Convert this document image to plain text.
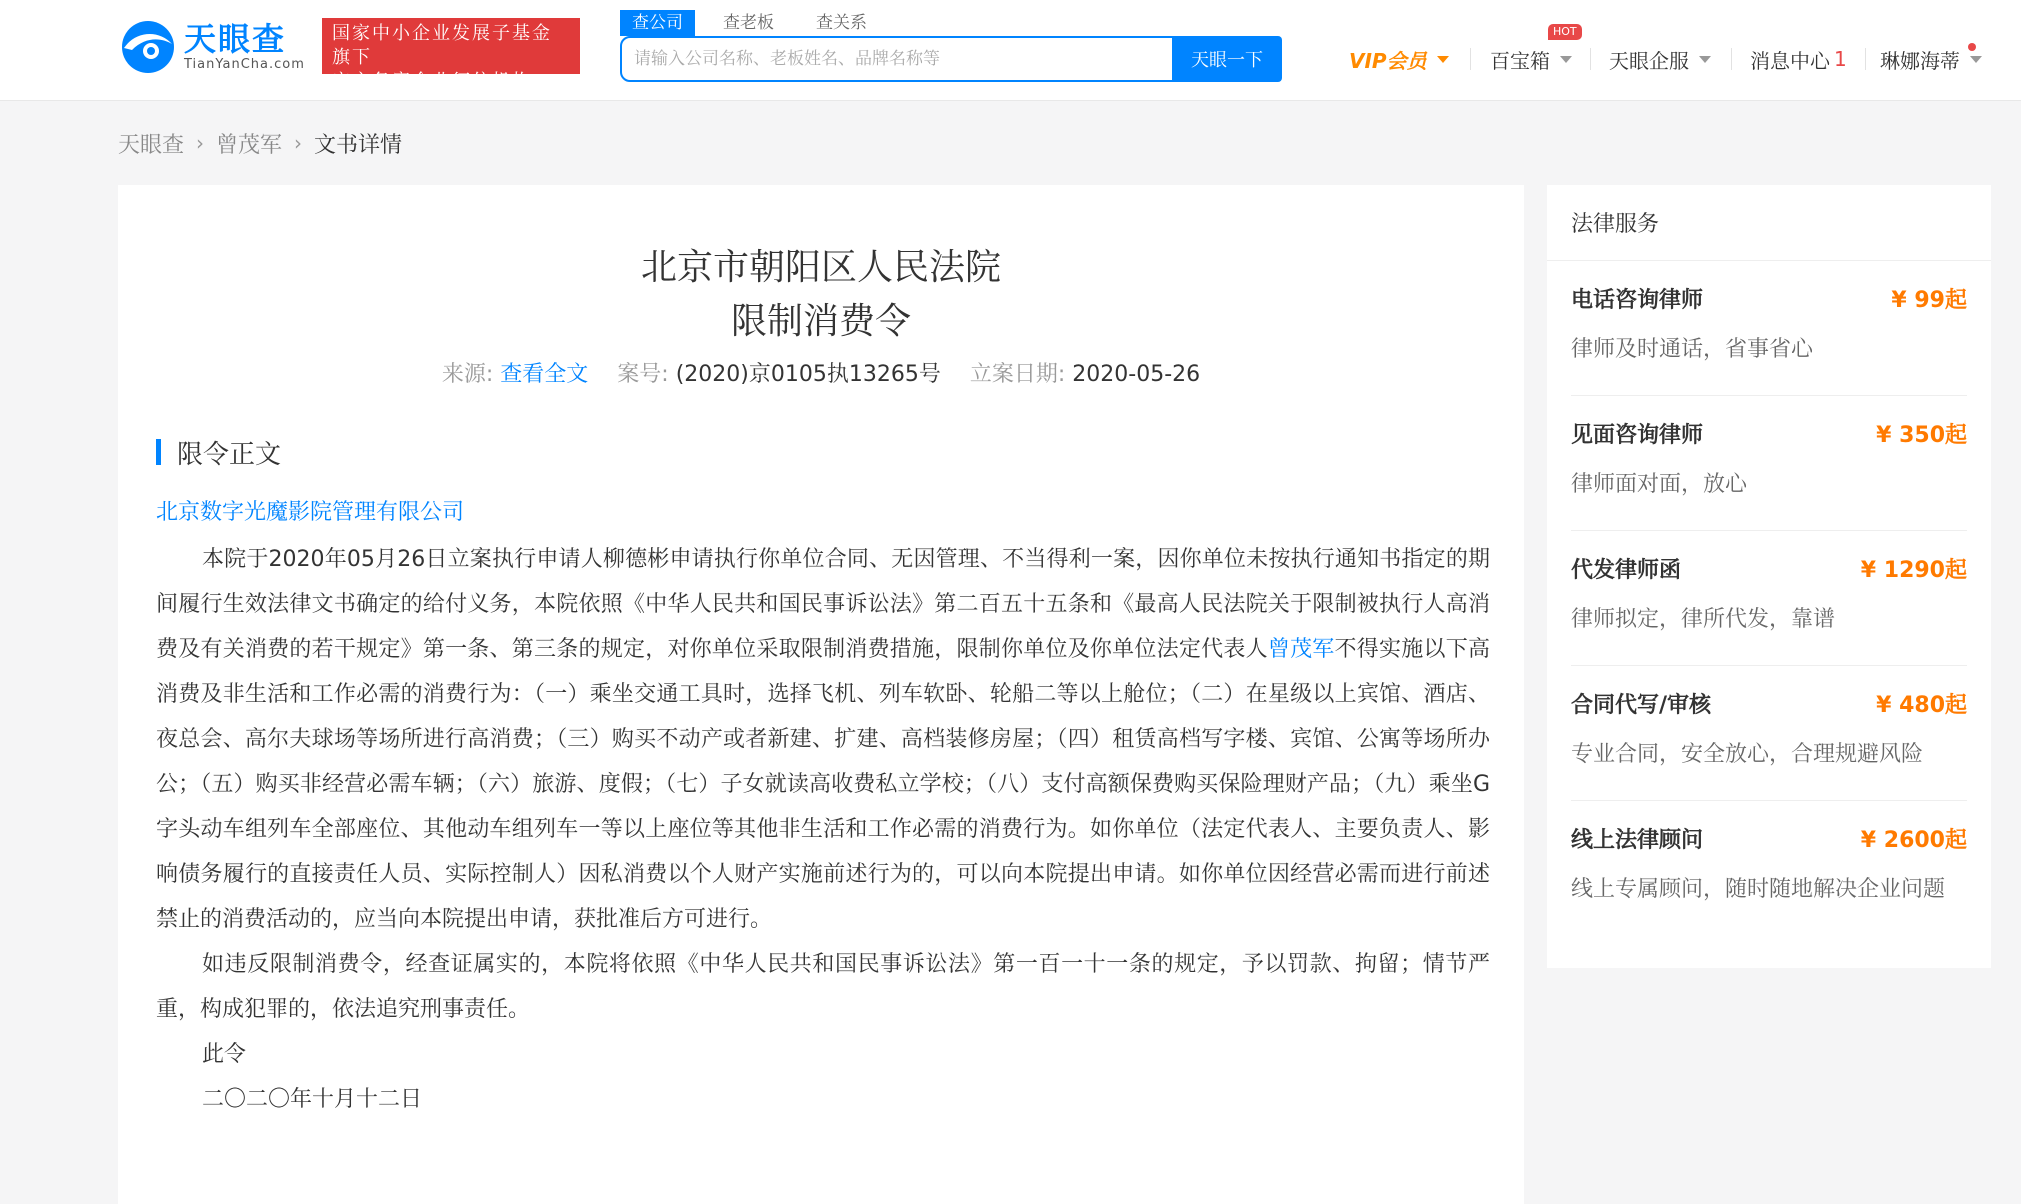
天眼查
TianYanCha.com
国家中小企业发展子基金旗下
官方备案企业征信机构
查公司	查老板	查关系
请输入公司名称、老板姓名、品牌名称等
天眼一下	VIP会员
HOT
百宝箱	天眼企服	消息中心 1 琳娜海蒂
天眼查 › 曾茂军 › 文书详情
北京市朝阳区人民法院
限制消费令
来源: 查看全文 案号: (2020)京0105执13265号 立案日期: 2020-05-26
限令正文
北京数字光魔影院管理有限公司

本院于2020年05月26日立案执行申请人柳德彬申请执行你单位合同、无因管理、不当得利一案，因你单位未按执行通知书指定的期间履行生效法律文书确定的给付义务，本院依照《中华人民共和国民事诉讼法》第二百五十五条和《最高人民法院关于限制被执行人高消费及有关消费的若干规定》第一条、第三条的规定，对你单位采取限制消费措施，限制你单位及你单位法定代表人曾茂军不得实施以下高消费及非生活和工作必需的消费行为：（一）乘坐交通工具时，选择飞机、列车软卧、轮船二等以上舱位；（二）在星级以上宾馆、酒店、夜总会、高尔夫球场等场所进行高消费；（三）购买不动产或者新建、扩建、高档装修房屋；（四）租赁高档写字楼、宾馆、公寓等场所办公；（五）购买非经营必需车辆；（六）旅游、度假；（七）子女就读高收费私立学校；（八）支付高额保费购买保险理财产品；（九）乘坐G字头动车组列车全部座位、其他动车组列车一等以上座位等其他非生活和工作必需的消费行为。如你单位（法定代表人、主要负责人、影响债务履行的直接责任人员、实际控制人）因私消费以个人财产实施前述行为的，可以向本院提出申请。如你单位因经营必需而进行前述禁止的消费活动的，应当向本院提出申请，获批准后方可进行。

如违反限制消费令，经查证属实的，本院将依照《中华人民共和国民事诉讼法》第一百一十一条的规定，予以罚款、拘留；情节严重，构成犯罪的，依法追究刑事责任。

此令

二〇二〇年十月十二日

法律服务
电话咨询律师	¥ 99起
律师及时通话，省事省心
见面咨询律师	¥ 350起
律师面对面，放心
代发律师函	¥ 1290起
律师拟定，律所代发，靠谱
合同代写/审核	¥ 480起
专业合同，安全放心，合理规避风险
线上法律顾问	¥ 2600起
线上专属顾问，随时随地解决企业问题
